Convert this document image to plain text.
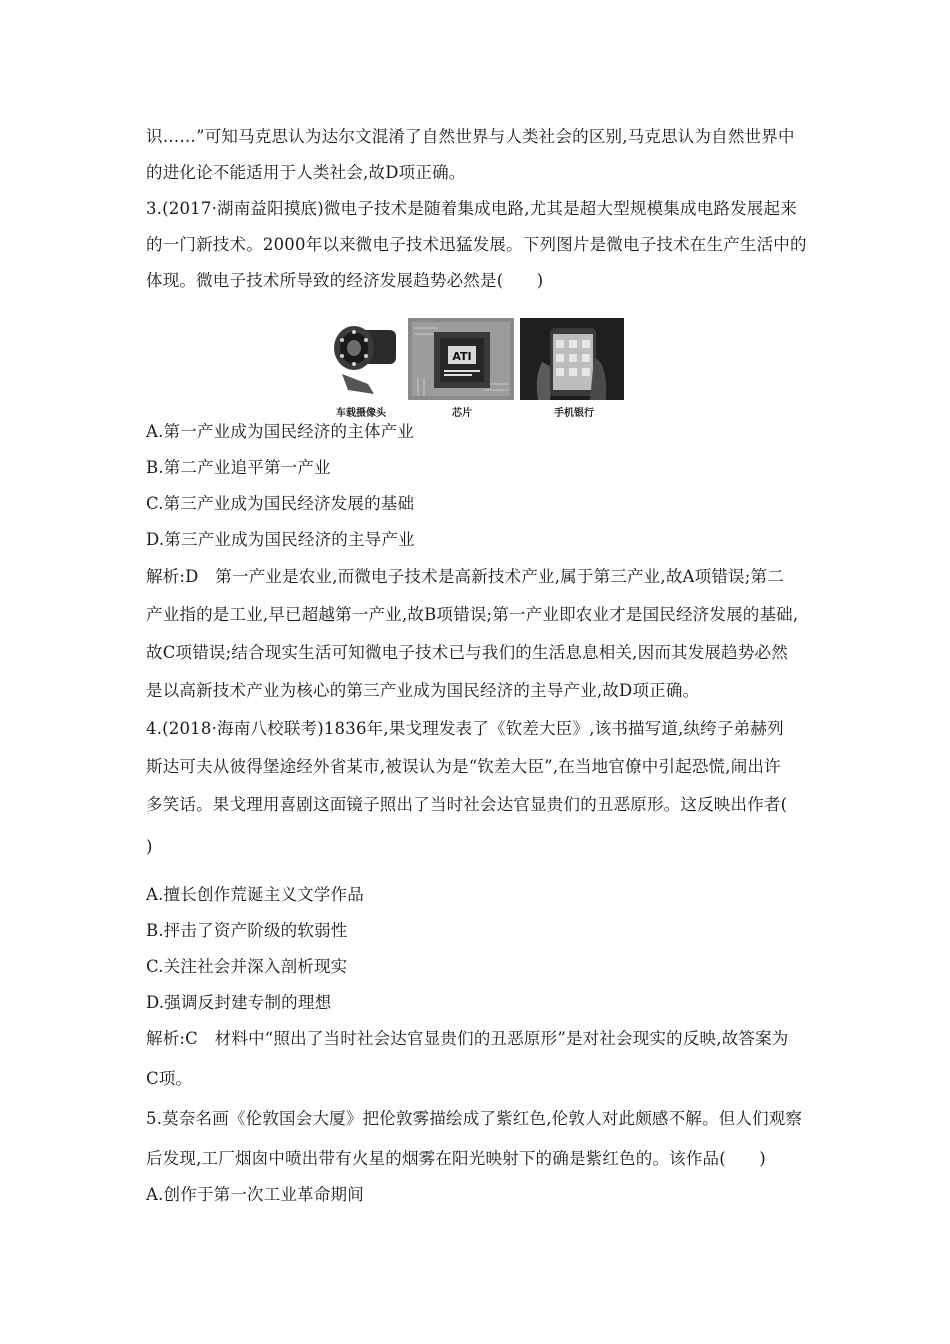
识……”可知马克思认为达尔文混淆了自然世界与人类社会的区别,马克思认为自然世界中
的进化论不能适用于人类社会,故D项正确。
3.(2017·湖南益阳摸底)微电子技术是随着集成电路,尤其是超大型规模集成电路发展起来
的一门新技术。2000年以来微电子技术迅猛发展。下列图片是微电子技术在生产生活中的
体现。微电子技术所导致的经济发展趋势必然是(　　)
车载摄像头
ATI
芯片	手机银行
A.第一产业成为国民经济的主体产业
B.第二产业追平第一产业
C.第三产业成为国民经济发展的基础
D.第三产业成为国民经济的主导产业
解析:D　第一产业是农业,而微电子技术是高新技术产业,属于第三产业,故A项错误;第二
产业指的是工业,早已超越第一产业,故B项错误;第一产业即农业才是国民经济发展的基础,
故C项错误;结合现实生活可知微电子技术已与我们的生活息息相关,因而其发展趋势必然
是以高新技术产业为核心的第三产业成为国民经济的主导产业,故D项正确。
4.(2018·海南八校联考)1836年,果戈理发表了《钦差大臣》,该书描写道,纨绔子弟赫列
斯达可夫从彼得堡途经外省某市,被误认为是“钦差大臣”,在当地官僚中引起恐慌,闹出许
多笑话。果戈理用喜剧这面镜子照出了当时社会达官显贵们的丑恶原形。这反映出作者(
)
A.擅长创作荒诞主义文学作品
B.抨击了资产阶级的软弱性
C.关注社会并深入剖析现实
D.强调反封建专制的理想
解析:C　材料中“照出了当时社会达官显贵们的丑恶原形”是对社会现实的反映,故答案为
C项。
5.莫奈名画《伦敦国会大厦》把伦敦雾描绘成了紫红色,伦敦人对此颇感不解。但人们观察
后发现,工厂烟囱中喷出带有火星的烟雾在阳光映射下的确是紫红色的。该作品(　　)
A.创作于第一次工业革命期间
